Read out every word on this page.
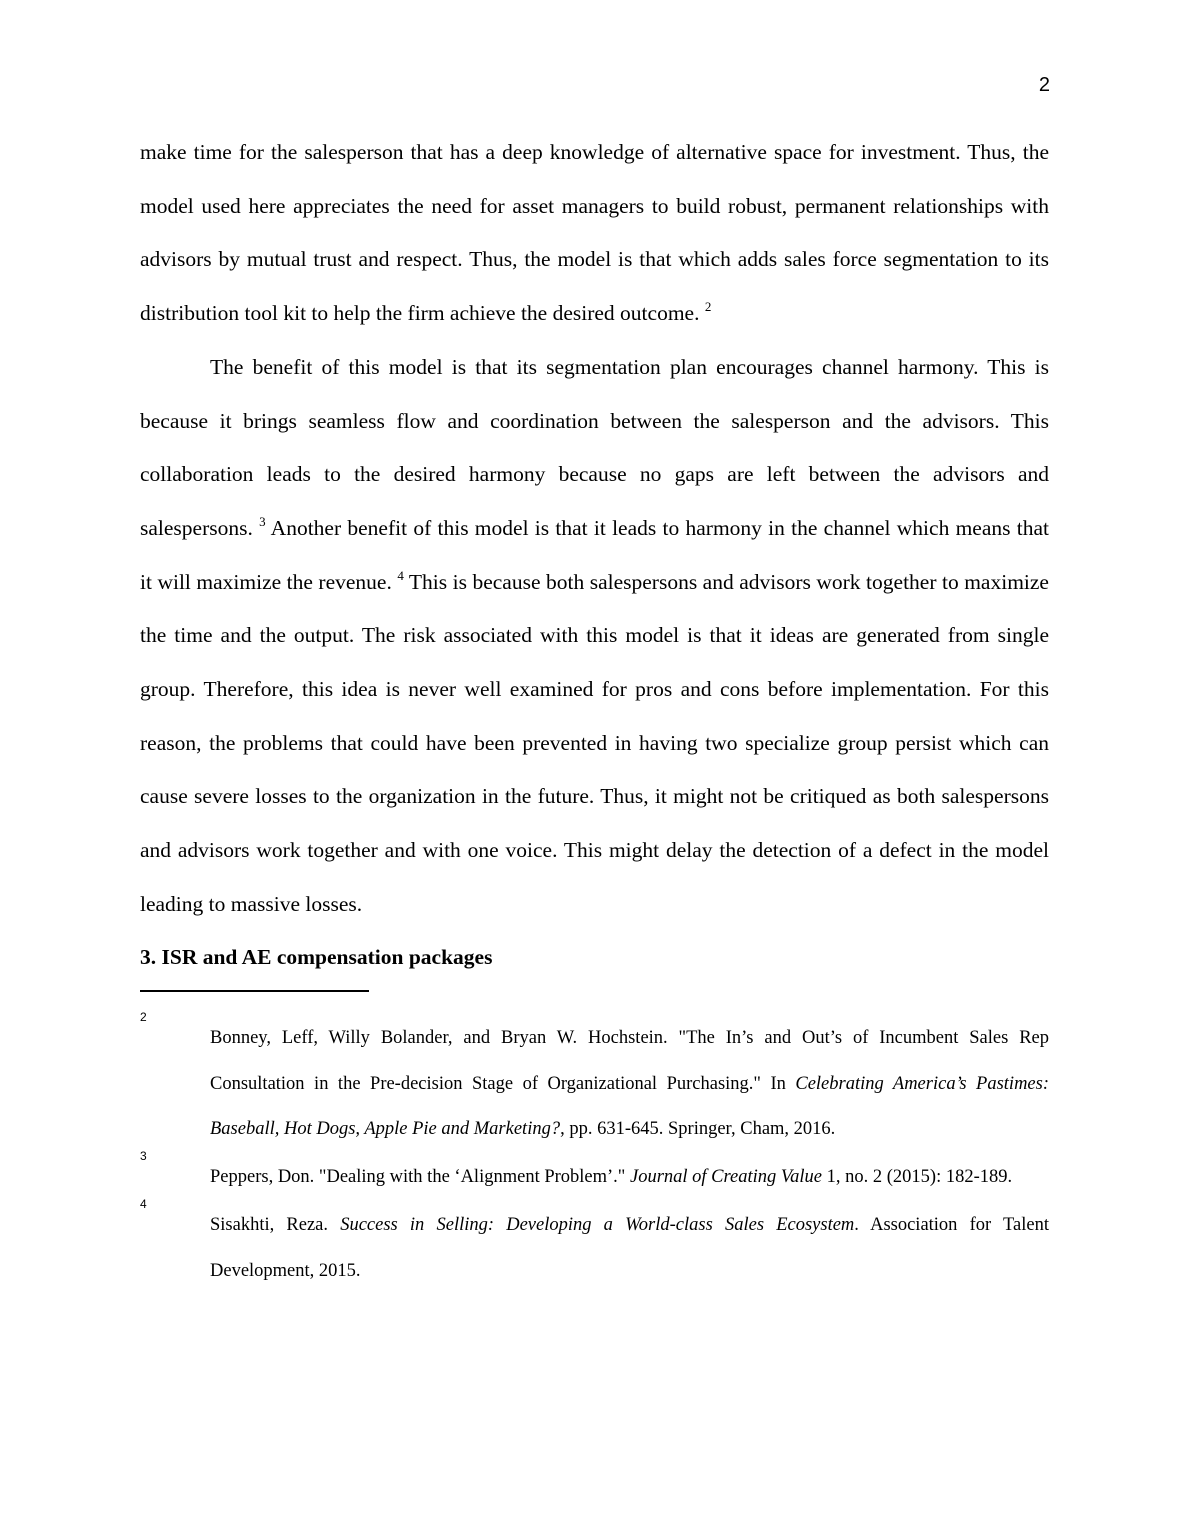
2

make time for the salesperson that has a deep knowledge of alternative space for investment. Thus, the model used here appreciates the need for asset managers to build robust, permanent relationships with advisors by mutual trust and respect. Thus, the model is that which adds sales force segmentation to its distribution tool kit to help the firm achieve the desired outcome. $^2$

The benefit of this model is that its segmentation plan encourages channel harmony. This is because it brings seamless flow and coordination between the salesperson and the advisors. This collaboration leads to the desired harmony because no gaps are left between the advisors and salespersons. $^3$ Another benefit of this model is that it leads to harmony in the channel which means that it will maximize the revenue. $^4$ This is because both salespersons and advisors work together to maximize the time and the output. The risk associated with this model is that it ideas are generated from single group. Therefore, this idea is never well examined for pros and cons before implementation. For this reason, the problems that could have been prevented in having two specialize group persist which can cause severe losses to the organization in the future. Thus, it might not be critiqued as both salespersons and advisors work together and with one voice. This might delay the detection of a defect in the model leading to massive losses.

3. ISR and AE compensation packages
2
Bonney, Leff, Willy Bolander, and Bryan W. Hochstein. "The In’s and Out’s of Incumbent Sales Rep Consultation in the Pre-decision Stage of Organizational Purchasing." In Celebrating America’s Pastimes: Baseball, Hot Dogs, Apple Pie and Marketing?, pp. 631-645. Springer, Cham, 2016.
3
Peppers, Don. "Dealing with the ‘Alignment Problem’." Journal of Creating Value 1, no. 2 (2015): 182-189.
4
Sisakhti, Reza. Success in Selling: Developing a World-class Sales Ecosystem. Association for Talent Development, 2015.
